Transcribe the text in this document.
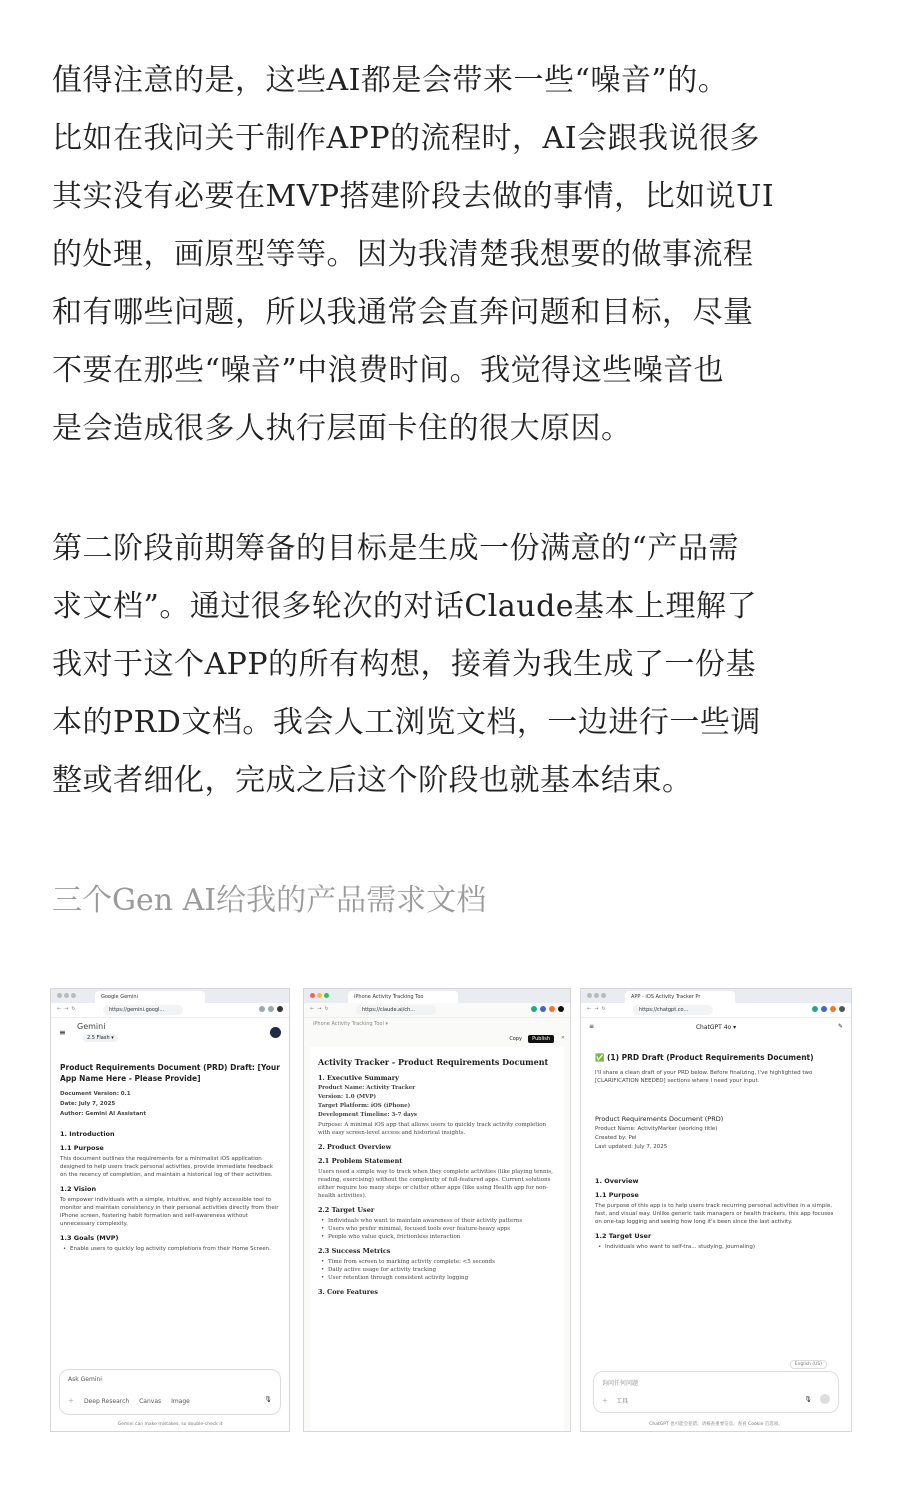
值得注意的是，这些AI都是会带来一些“噪音”的。
比如在我问关于制作APP的流程时，AI会跟我说很多
其实没有必要在MVP搭建阶段去做的事情，比如说UI
的处理，画原型等等。因为我清楚我想要的做事流程
和有哪些问题，所以我通常会直奔问题和目标，尽量
不要在那些“噪音”中浪费时间。我觉得这些噪音也
是会造成很多人执行层面卡住的很大原因。
第二阶段前期筹备的目标是生成一份满意的“产品需
求文档”。通过很多轮次的对话Claude基本上理解了
我对于这个APP的所有构想，接着为我生成了一份基
本的PRD文档。我会人工浏览文档，一边进行一些调
整或者细化，完成之后这个阶段也就基本结束。

三个Gen AI给我的产品需求文档

Google Gemini
←→↻	https://gemini.googl...
≡
Gemini
2.5 Flash ▾
Product Requirements Document (PRD) Draft: [Your App Name Here - Please Provide]
Document Version: 0.1
Date: July 7, 2025
Author: Gemini AI Assistant
1. Introduction
1.1 Purpose
This document outlines the requirements for a minimalist iOS application designed to help users track personal activities, provide immediate feedback on the recency of completion, and maintain a historical log of their activities.
1.2 Vision
To empower individuals with a simple, intuitive, and highly accessible tool to monitor and maintain consistency in their personal activities directly from their iPhone screen, fostering habit formation and self-awareness without unnecessary complexity.
1.3 Goals (MVP)
• Enable users to quickly log activity completions from their Home Screen.
Ask Gemini
＋ Deep Research Canvas Image	🎙
Gemini can make mistakes, so double-check it
iPhone Activity Tracking Too
←→↻	https://claude.ai/ch...
iPhone Activity Tracking Tool ▾
Copy	Publish	✕
Activity Tracker - Product Requirements Document
1. Executive Summary
Product Name: Activity Tracker
Version: 1.0 (MVP)
Target Platform: iOS (iPhone)
Development Timeline: 3-7 days
Purpose: A minimal iOS app that allows users to quickly track activity completion with easy screen-level access and historical insights.
2. Product Overview
2.1 Problem Statement
Users need a simple way to track when they complete activities (like playing tennis, reading, exercising) without the complexity of full-featured apps. Current solutions either require too many steps or clutter other apps (like using Health app for non-health activities).
2.2 Target User
• Individuals who want to maintain awareness of their activity patterns
• Users who prefer minimal, focused tools over feature-heavy apps
• People who value quick, frictionless interaction
2.3 Success Metrics
• Time from screen to marking activity complete: <5 seconds
• Daily active usage for activity tracking
• User retention through consistent activity logging
3. Core Features
APP - iOS Activity Tracker Pr
←→↻	https://chatgpt.co...
≡	ChatGPT 4o ▾	✎
✅ (1) PRD Draft (Product Requirements Document)
I'll share a clean draft of your PRD below. Before finalizing, I've highlighted two [CLARIFICATION NEEDED] sections where I need your input.
Product Requirements Document (PRD)
Product Name: ActivityMarker (working title)
Created by: Pei
Last updated: July 7, 2025
1. Overview
1.1 Purpose
The purpose of this app is to help users track recurring personal activities in a simple, fast, and visual way. Unlike generic task managers or health trackers, this app focuses on one-tap logging and seeing how long it's been since the last activity.
1.2 Target User
• Individuals who want to self-tra... studying, journaling)
询问任何问题
＋ 工具	🎙
English (US)
ChatGPT 也可能会犯错。请核查重要信息。查看 Cookie 首选项。
